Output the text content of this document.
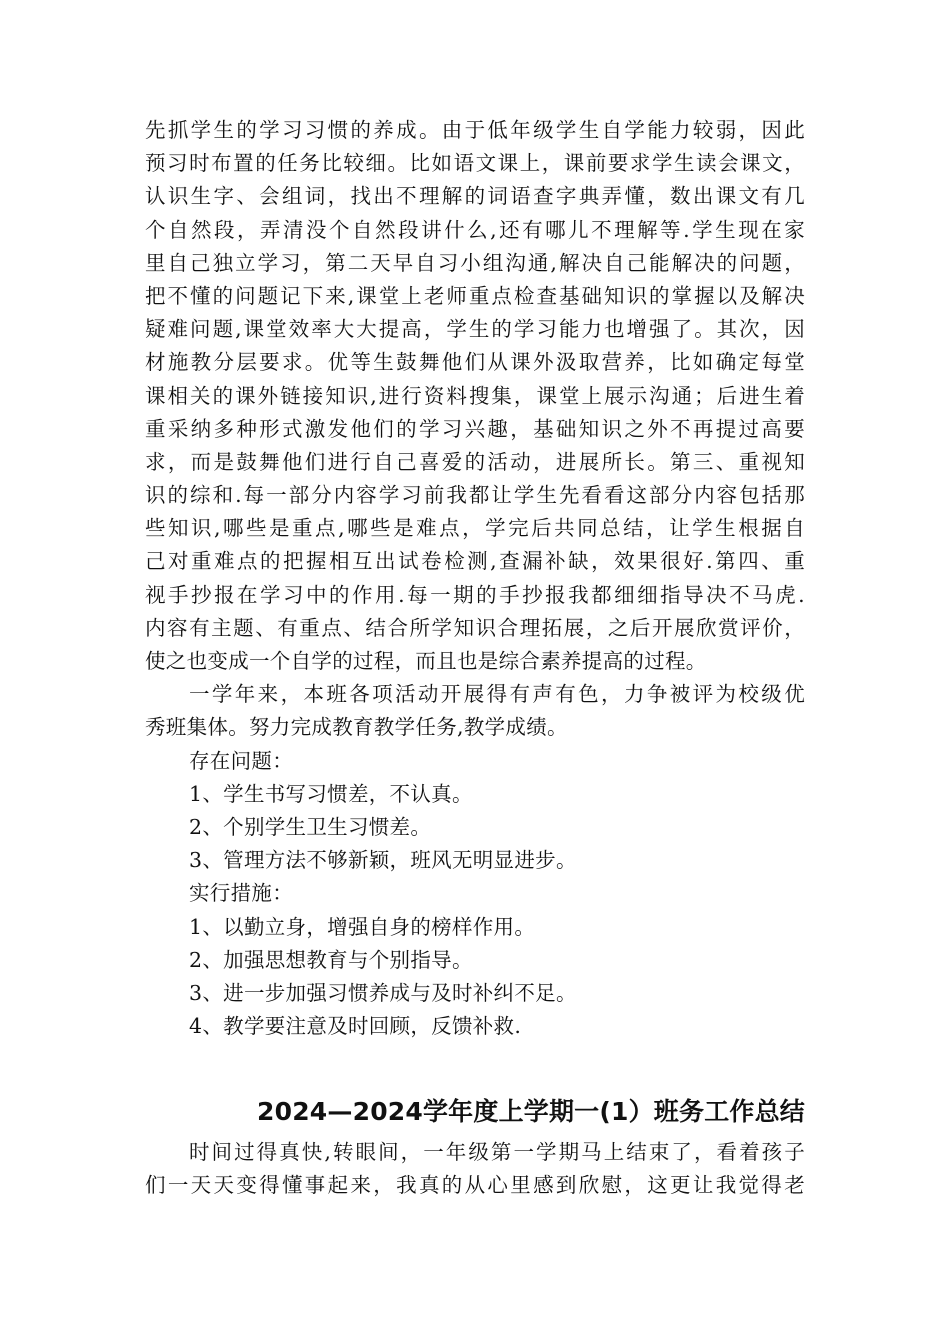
先抓学生的学习习惯的养成。由于低年级学生自学能力较弱，因此
预习时布置的任务比较细。比如语文课上，课前要求学生读会课文，
认识生字、会组词，找出不理解的词语查字典弄懂，数出课文有几
个自然段，弄清没个自然段讲什么,还有哪儿不理解等.学生现在家
里自己独立学习，第二天早自习小组沟通,解决自己能解决的问题，
把不懂的问题记下来,课堂上老师重点检查基础知识的掌握以及解决
疑难问题,课堂效率大大提高，学生的学习能力也增强了。其次，因
材施教分层要求。优等生鼓舞他们从课外汲取营养，比如确定每堂
课相关的课外链接知识,进行资料搜集，课堂上展示沟通；后进生着
重采纳多种形式激发他们的学习兴趣，基础知识之外不再提过高要
求，而是鼓舞他们进行自己喜爱的活动，进展所长。第三、重视知
识的综和.每一部分内容学习前我都让学生先看看这部分内容包括那
些知识,哪些是重点,哪些是难点，学完后共同总结，让学生根据自
己对重难点的把握相互出试卷检测,查漏补缺，效果很好.第四、重
视手抄报在学习中的作用.每一期的手抄报我都细细指导决不马虎.
内容有主题、有重点、结合所学知识合理拓展，之后开展欣赏评价，
使之也变成一个自学的过程，而且也是综合素养提高的过程。
一学年来，本班各项活动开展得有声有色，力争被评为校级优
秀班集体。努力完成教育教学任务,教学成绩。
存在问题：
1、学生书写习惯差，不认真。
2、个别学生卫生习惯差。
3、管理方法不够新颖，班风无明显进步。
实行措施：
1、以勤立身，增强自身的榜样作用。
2、加强思想教育与个别指导。
3、进一步加强习惯养成与及时补纠不足。
4、教学要注意及时回顾，反馈补救.
2024—2024学年度上学期一(1）班务工作总结
时间过得真快,转眼间，一年级第一学期马上结束了，看着孩子
们一天天变得懂事起来，我真的从心里感到欣慰，这更让我觉得老
